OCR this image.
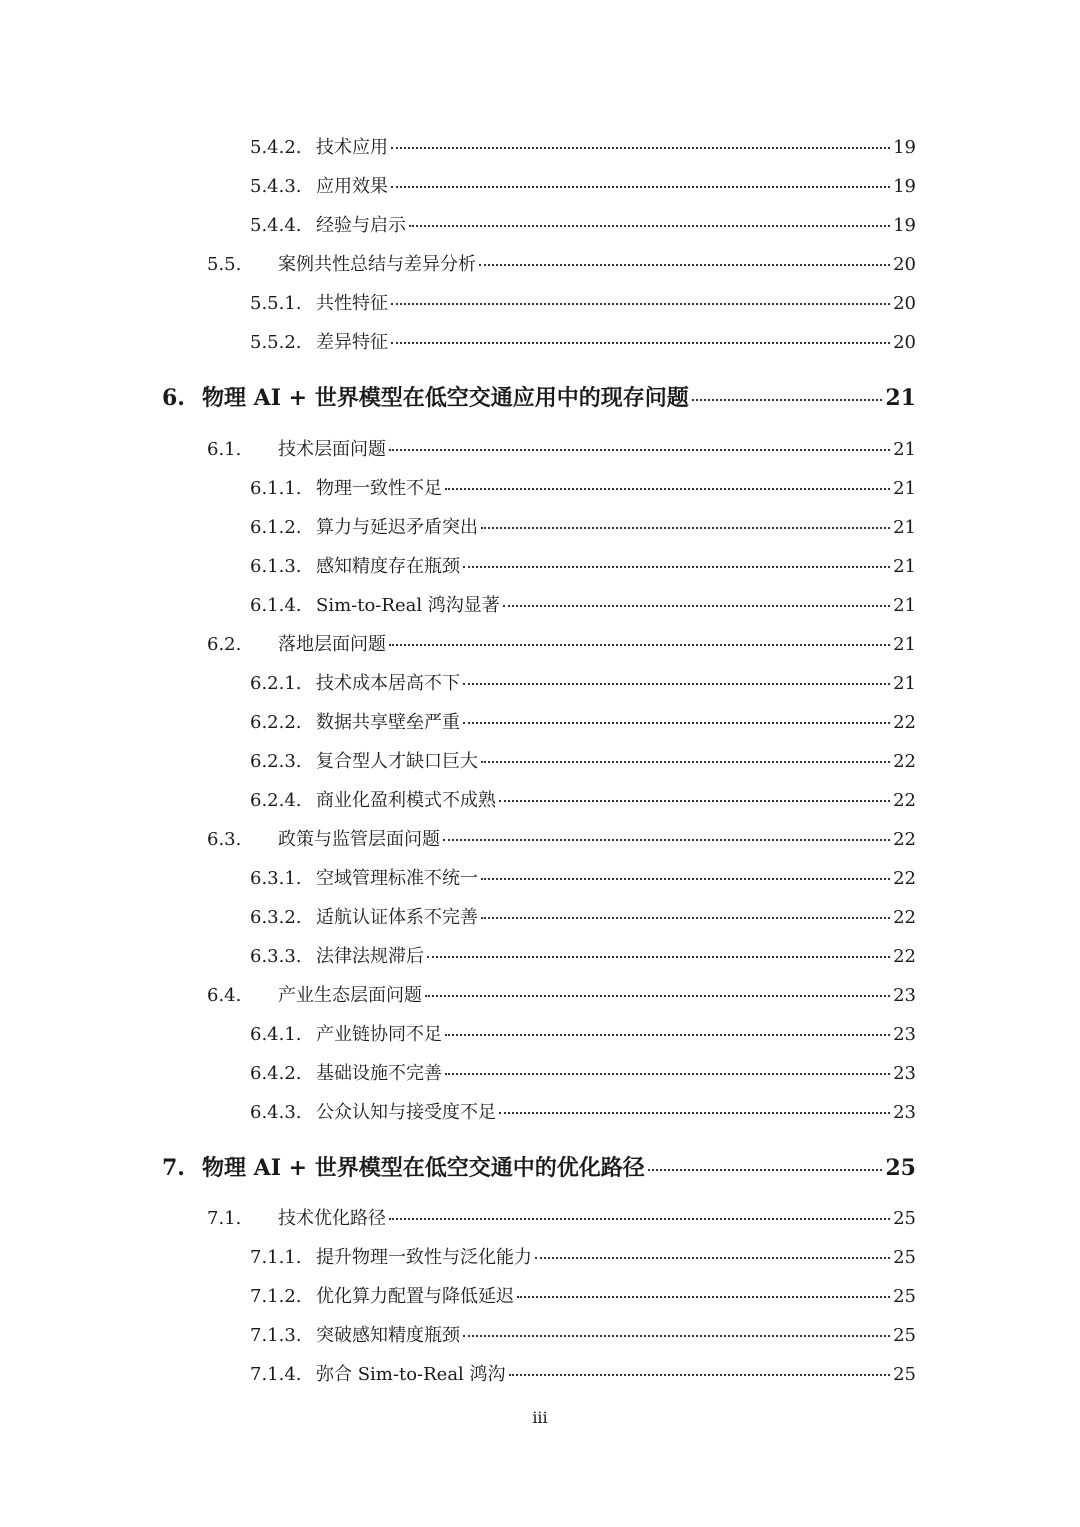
5.4.2. 技术应用	19
5.4.3. 应用效果	19
5.4.4. 经验与启示	19
5.5.	案例共性总结与差异分析	20
5.5.1. 共性特征	20
5.5.2. 差异特征	20
6. 物理 AI + 世界模型在低空交通应用中的现存问题	21
6.1.	技术层面问题	21
6.1.1. 物理一致性不足	21
6.1.2. 算力与延迟矛盾突出	21
6.1.3. 感知精度存在瓶颈	21
6.1.4. Sim-to-Real 鸿沟显著	21
6.2.	落地层面问题	21
6.2.1. 技术成本居高不下	21
6.2.2. 数据共享壁垒严重	22
6.2.3. 复合型人才缺口巨大	22
6.2.4. 商业化盈利模式不成熟	22
6.3.	政策与监管层面问题	22
6.3.1. 空域管理标准不统一	22
6.3.2. 适航认证体系不完善	22
6.3.3. 法律法规滞后	22
6.4.	产业生态层面问题	23
6.4.1. 产业链协同不足	23
6.4.2. 基础设施不完善	23
6.4.3. 公众认知与接受度不足	23
7. 物理 AI + 世界模型在低空交通中的优化路径	25
7.1.	技术优化路径	25
7.1.1. 提升物理一致性与泛化能力	25
7.1.2. 优化算力配置与降低延迟	25
7.1.3. 突破感知精度瓶颈	25
7.1.4. 弥合 Sim-to-Real 鸿沟	25
iii
